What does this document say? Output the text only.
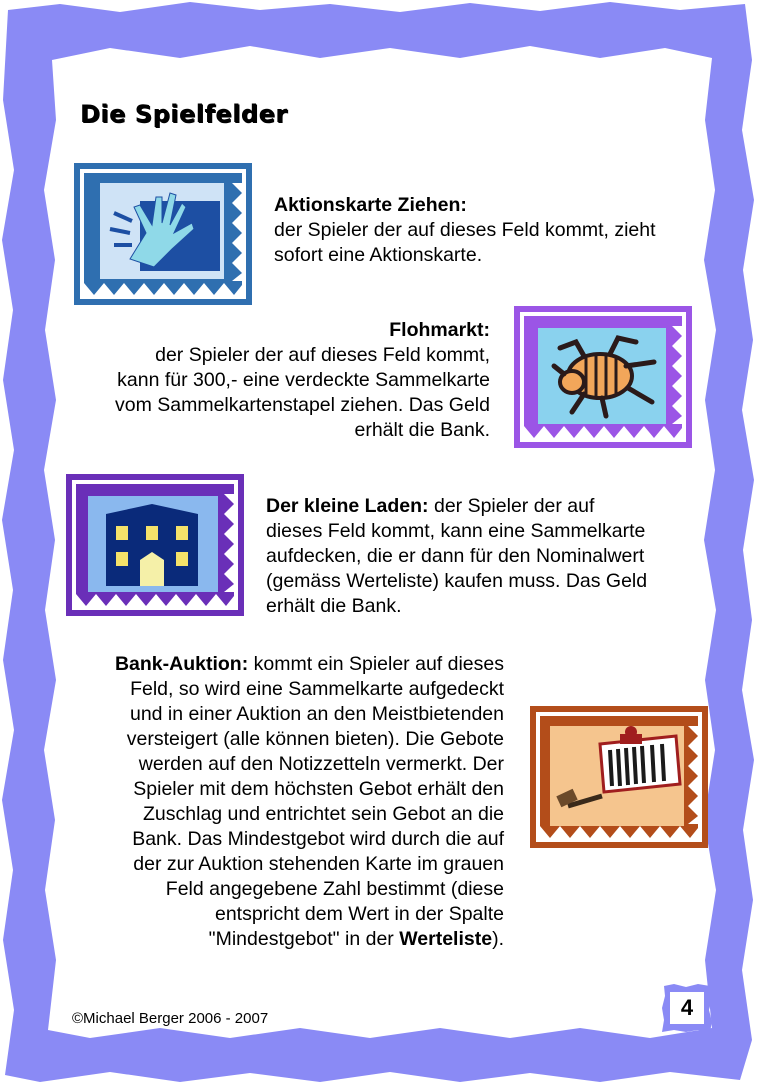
Die Spielfelder
Aktionskarte Ziehen:
der Spieler der auf dieses Feld kommt, zieht
sofort eine Aktionskarte.
Flohmarkt:
der Spieler der auf dieses Feld kommt,
kann für 300,- eine verdeckte Sammelkarte
vom Sammelkartenstapel ziehen. Das Geld
erhält die Bank.
Der kleine Laden: der Spieler der auf
dieses Feld kommt, kann eine Sammelkarte
aufdecken, die er dann für den Nominalwert
(gemäss Werteliste) kaufen muss. Das Geld
erhält die Bank.
Bank-Auktion: kommt ein Spieler auf dieses
Feld, so wird eine Sammelkarte aufgedeckt
und in einer Auktion an den Meistbietenden
versteigert (alle können bieten). Die Gebote
werden auf den Notizzetteln vermerkt. Der
Spieler mit dem höchsten Gebot erhält den
Zuschlag und entrichtet sein Gebot an die
Bank. Das Mindestgebot wird durch die auf
der zur Auktion stehenden Karte im grauen
Feld angegebene Zahl bestimmt (diese
entspricht dem Wert in der Spalte
"Mindestgebot" in der Werteliste).
©Michael Berger 2006 - 2007	4
